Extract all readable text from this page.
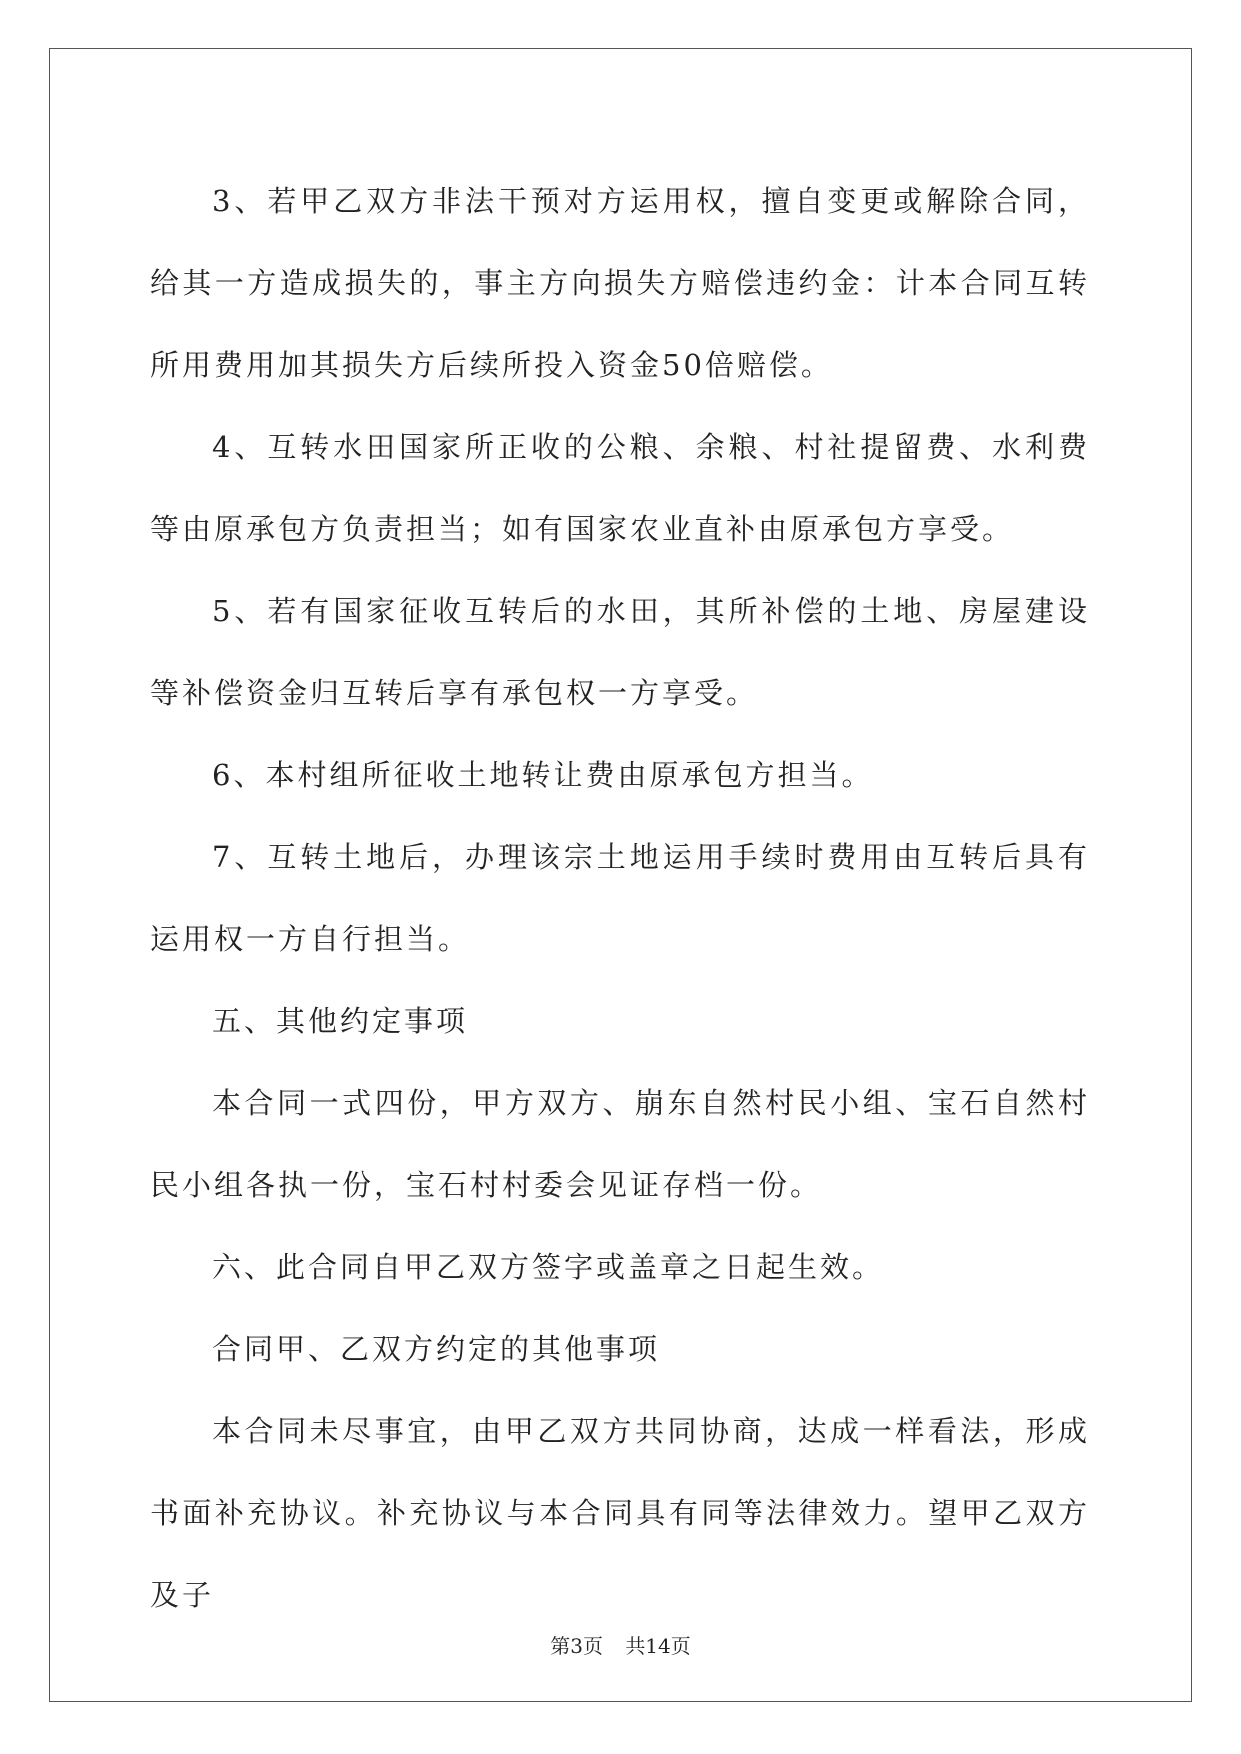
3、若甲乙双方非法干预对方运用权，擅自变更或解除合同，给其一方造成损失的，事主方向损失方赔偿违约金：计本合同互转所用费用加其损失方后续所投入资金50倍赔偿。

4、互转水田国家所正收的公粮、余粮、村社提留费、水利费等由原承包方负责担当；如有国家农业直补由原承包方享受。

5、若有国家征收互转后的水田，其所补偿的土地、房屋建设等补偿资金归互转后享有承包权一方享受。

6、本村组所征收土地转让费由原承包方担当。

7、互转土地后，办理该宗土地运用手续时费用由互转后具有运用权一方自行担当。

五、其他约定事项

本合同一式四份，甲方双方、崩东自然村民小组、宝石自然村民小组各执一份，宝石村村委会见证存档一份。

六、此合同自甲乙双方签字或盖章之日起生效。

合同甲、乙双方约定的其他事项

本合同未尽事宜，由甲乙双方共同协商，达成一样看法，形成书面补充协议。补充协议与本合同具有同等法律效力。望甲乙双方及子

第3页 共14页
